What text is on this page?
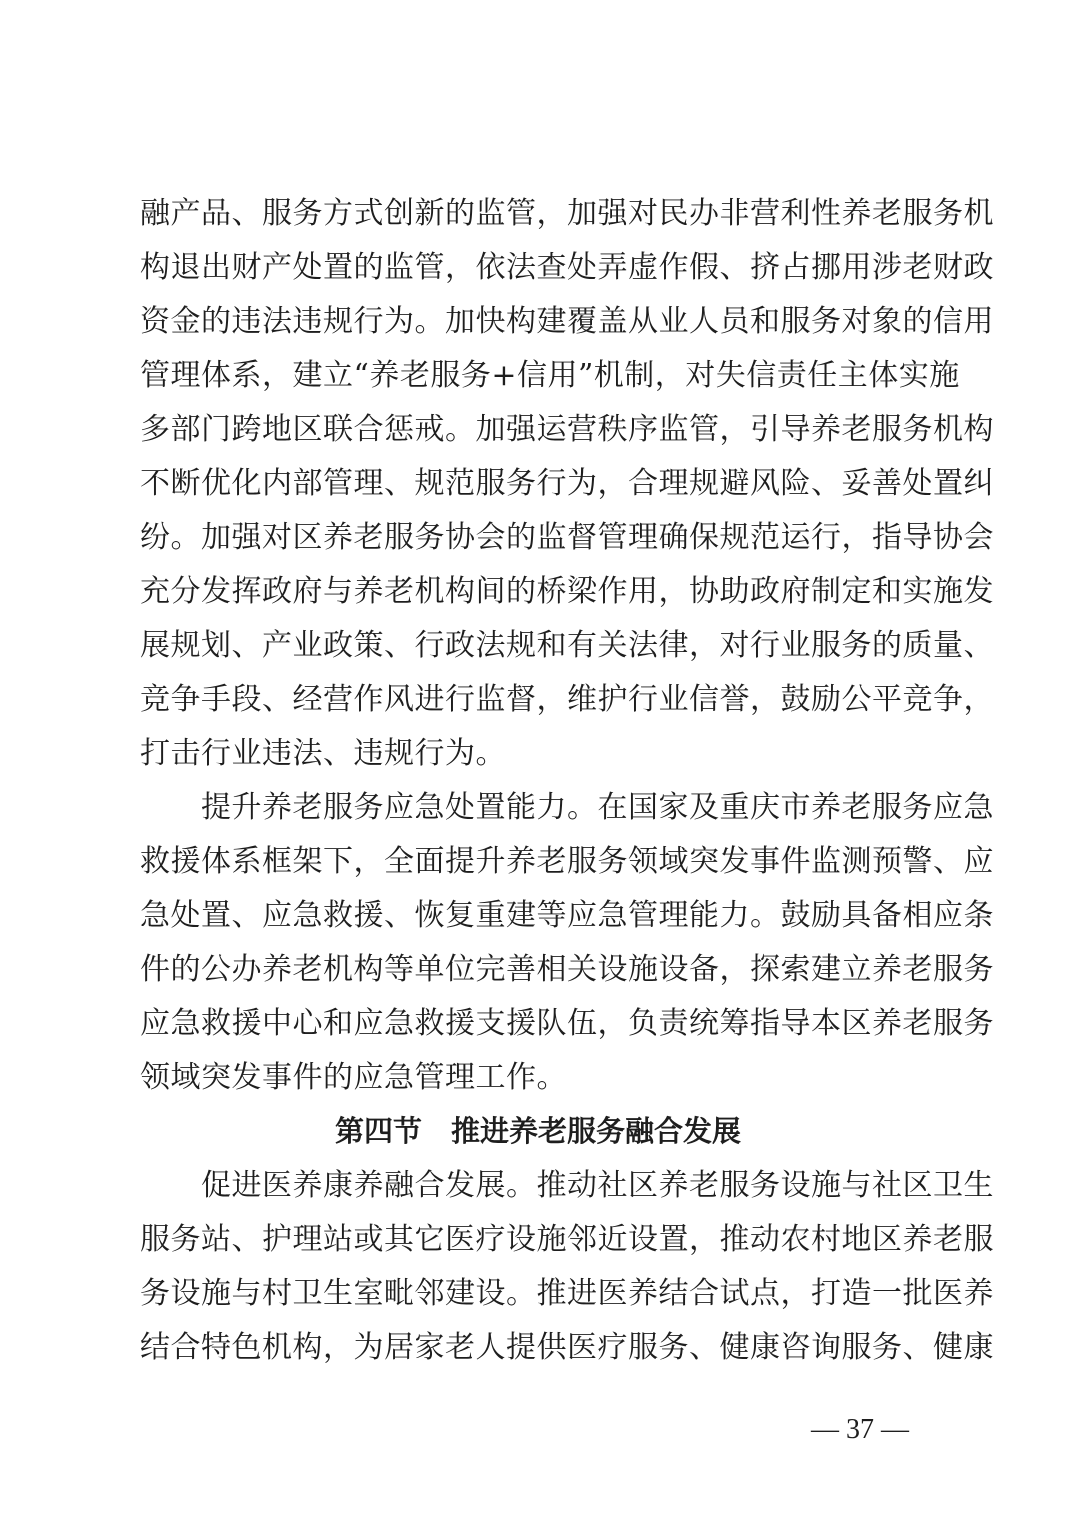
融产品、服务方式创新的监管，加强对民办非营利性养老服务机
构退出财产处置的监管，依法查处弄虚作假、挤占挪用涉老财政
资金的违法违规行为。加快构建覆盖从业人员和服务对象的信用
管理体系，建立“养老服务+信用”机制，对失信责任主体实施
多部门跨地区联合惩戒。加强运营秩序监管，引导养老服务机构
不断优化内部管理、规范服务行为，合理规避风险、妥善处置纠
纷。加强对区养老服务协会的监督管理确保规范运行，指导协会
充分发挥政府与养老机构间的桥梁作用，协助政府制定和实施发
展规划、产业政策、行政法规和有关法律，对行业服务的质量、
竞争手段、经营作风进行监督，维护行业信誉，鼓励公平竞争，
打击行业违法、违规行为。
　　提升养老服务应急处置能力。在国家及重庆市养老服务应急
救援体系框架下，全面提升养老服务领域突发事件监测预警、应
急处置、应急救援、恢复重建等应急管理能力。鼓励具备相应条
件的公办养老机构等单位完善相关设施设备，探索建立养老服务
应急救援中心和应急救援支援队伍，负责统筹指导本区养老服务
领域突发事件的应急管理工作。
第四节　推进养老服务融合发展
　　促进医养康养融合发展。推动社区养老服务设施与社区卫生
服务站、护理站或其它医疗设施邻近设置，推动农村地区养老服
务设施与村卫生室毗邻建设。推进医养结合试点，打造一批医养
结合特色机构，为居家老人提供医疗服务、健康咨询服务、健康
— 37 —
